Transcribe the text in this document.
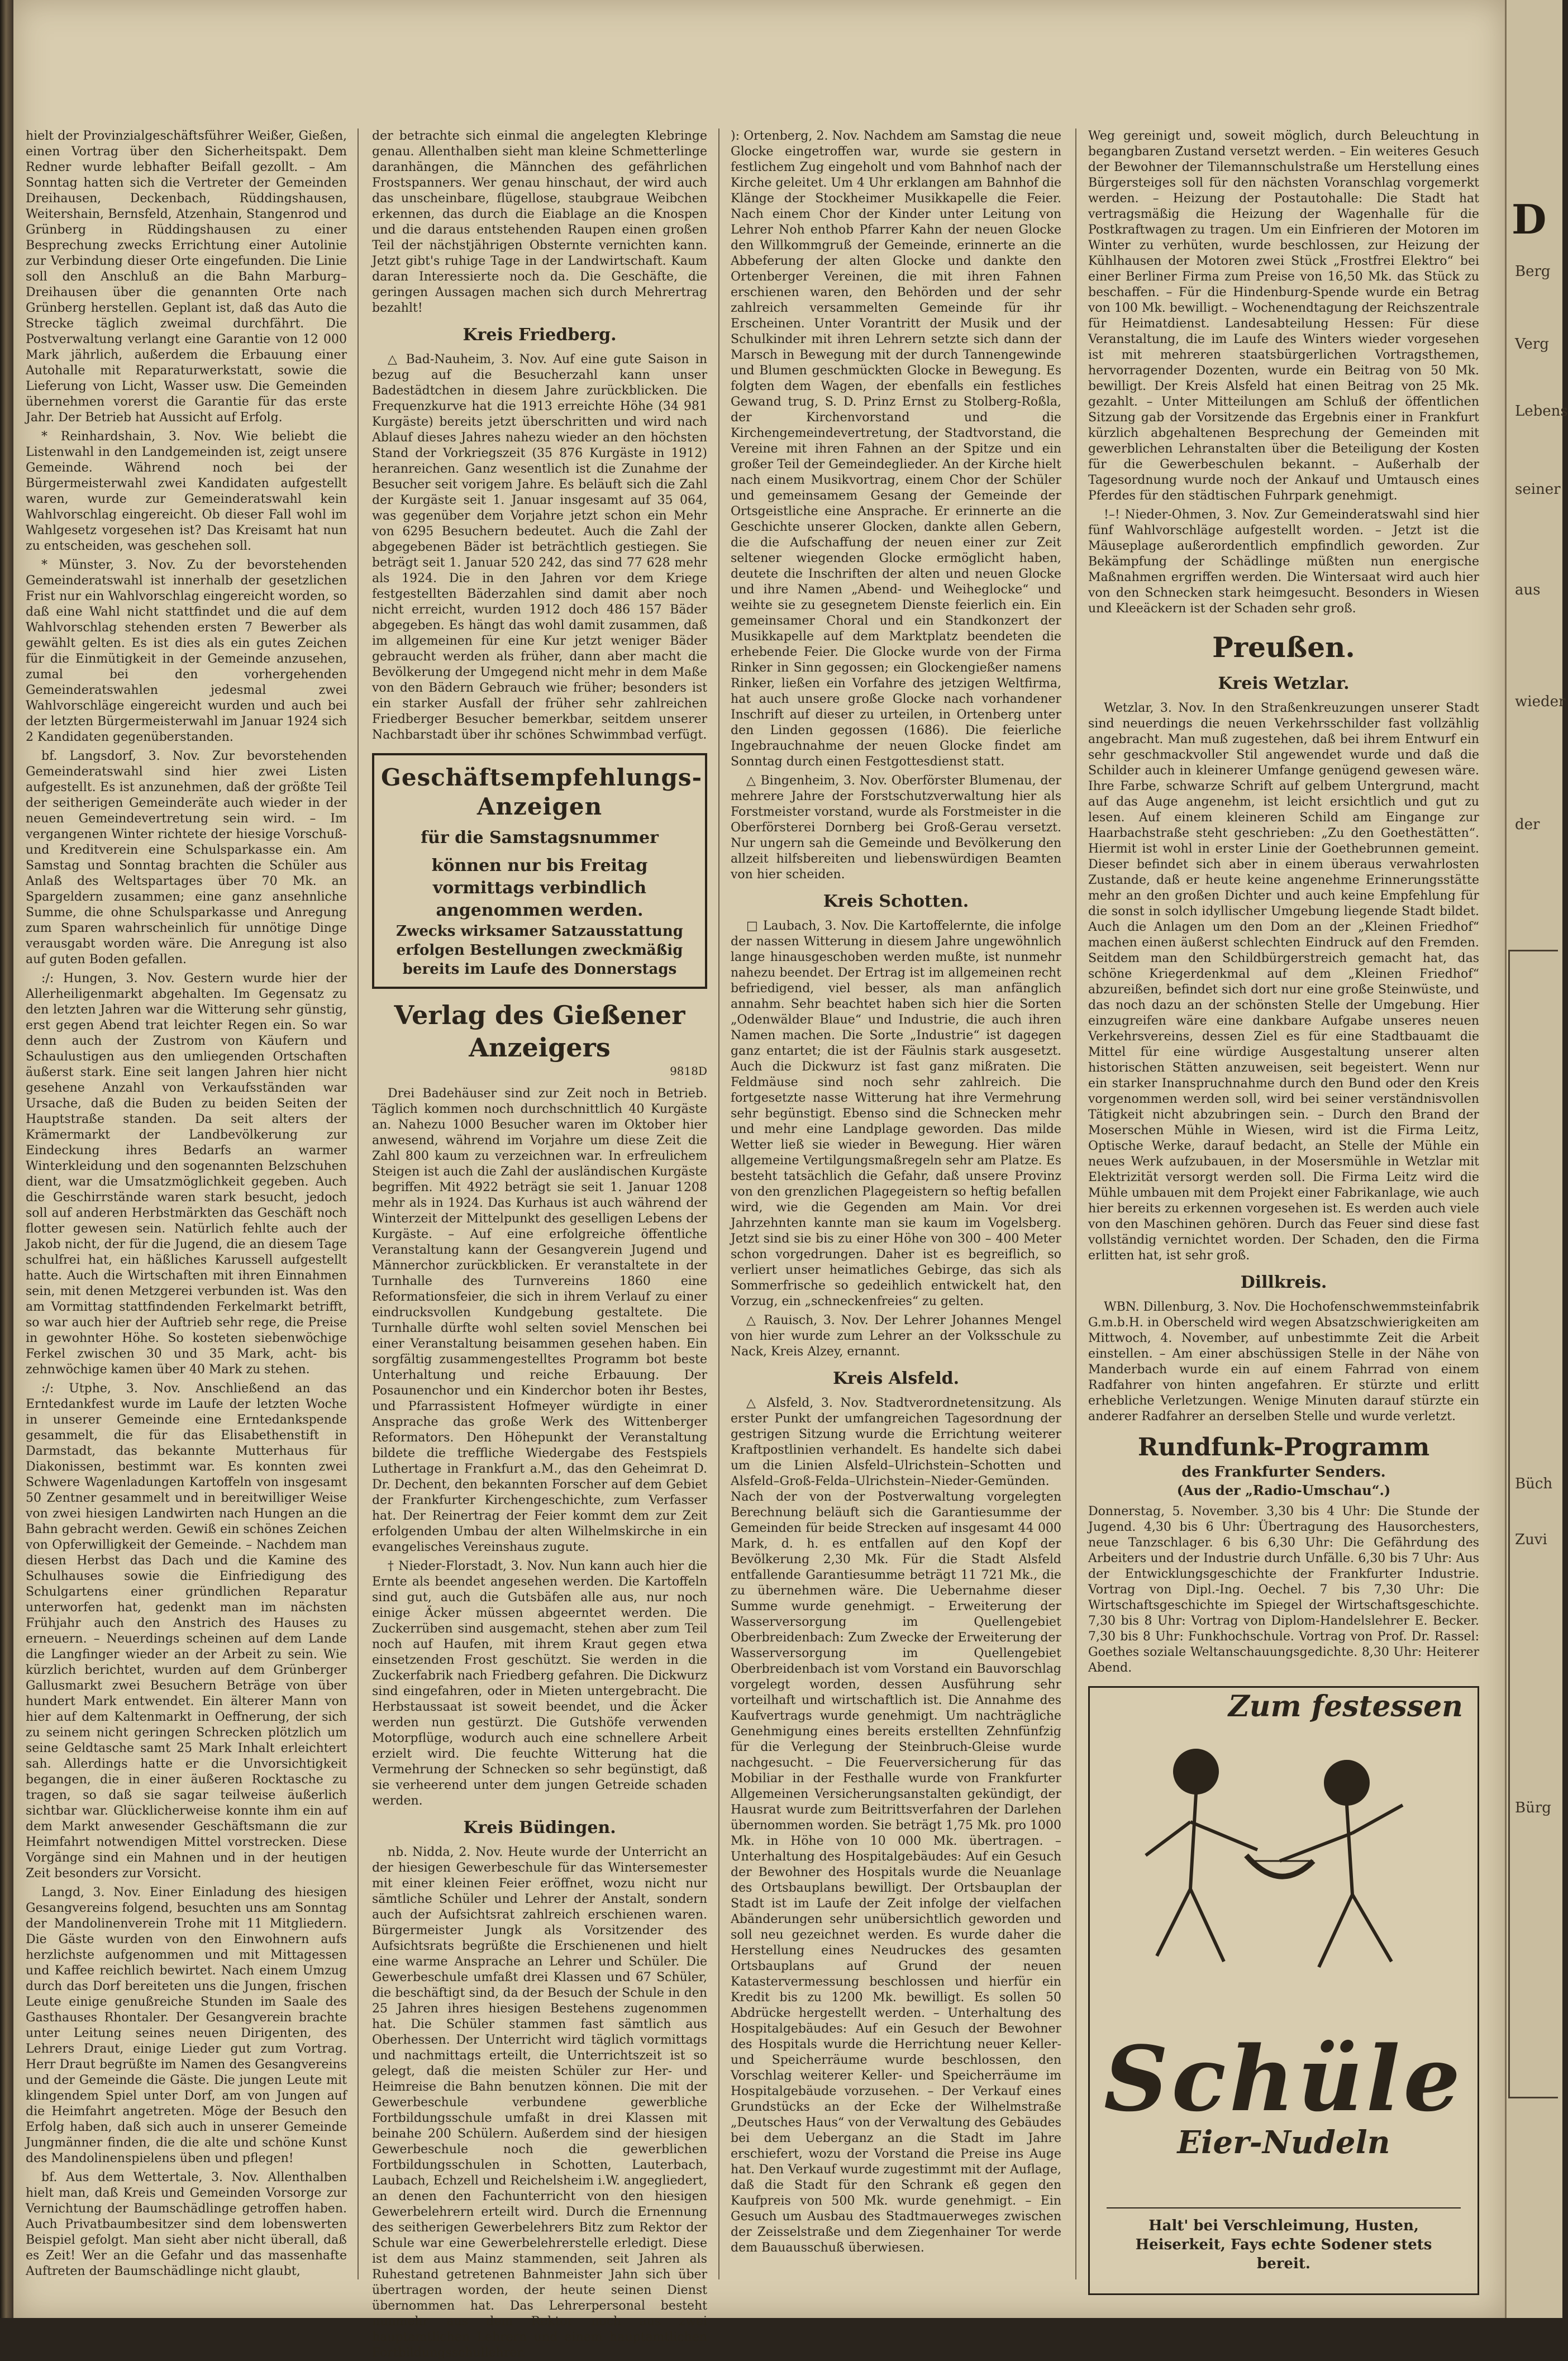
hielt der Provinzialgeschäftsführer Weißer, Gießen, einen Vortrag über den Sicherheitspakt. Dem Redner wurde lebhafter Beifall gezollt. – Am Sonntag hatten sich die Vertreter der Gemeinden Dreihausen, Deckenbach, Rüddingshausen, Weitershain, Bernsfeld, Atzenhain, Stangenrod und Grünberg in Rüddingshausen zu einer Besprechung zwecks Errichtung einer Autolinie zur Verbindung dieser Orte eingefunden. Die Linie soll den Anschluß an die Bahn Marburg–Dreihausen über die genannten Orte nach Grünberg herstellen. Geplant ist, daß das Auto die Strecke täglich zweimal durchfährt. Die Postverwaltung verlangt eine Garantie von 12 000 Mark jährlich, außerdem die Erbauung einer Autohalle mit Reparaturwerkstatt, sowie die Lieferung von Licht, Wasser usw. Die Gemeinden übernehmen vorerst die Garantie für das erste Jahr. Der Betrieb hat Aussicht auf Erfolg.

* Reinhardshain, 3. Nov. Wie beliebt die Listenwahl in den Landgemeinden ist, zeigt unsere Gemeinde. Während noch bei der Bürgermeisterwahl zwei Kandidaten aufgestellt waren, wurde zur Gemeinderatswahl kein Wahlvorschlag eingereicht. Ob dieser Fall wohl im Wahlgesetz vorgesehen ist? Das Kreisamt hat nun zu entscheiden, was geschehen soll.

* Münster, 3. Nov. Zu der bevorstehenden Gemeinderatswahl ist innerhalb der gesetzlichen Frist nur ein Wahlvorschlag eingereicht worden, so daß eine Wahl nicht stattfindet und die auf dem Wahlvorschlag stehenden ersten 7 Bewerber als gewählt gelten. Es ist dies als ein gutes Zeichen für die Einmütigkeit in der Gemeinde anzusehen, zumal bei den vorhergehenden Gemeinderatswahlen jedesmal zwei Wahlvorschläge eingereicht wurden und auch bei der letzten Bürgermeisterwahl im Januar 1924 sich 2 Kandidaten gegenüberstanden.

bf. Langsdorf, 3. Nov. Zur bevorstehenden Gemeinderatswahl sind hier zwei Listen aufgestellt. Es ist anzunehmen, daß der größte Teil der seitherigen Gemeinderäte auch wieder in der neuen Gemeindevertretung sein wird. – Im vergangenen Winter richtete der hiesige Vorschuß- und Kreditverein eine Schulsparkasse ein. Am Samstag und Sonntag brachten die Schüler aus Anlaß des Weltspartages über 70 Mk. an Spargeldern zusammen; eine ganz ansehnliche Summe, die ohne Schulsparkasse und Anregung zum Sparen wahrscheinlich für unnötige Dinge verausgabt worden wäre. Die Anregung ist also auf guten Boden gefallen.

:/: Hungen, 3. Nov. Gestern wurde hier der Allerheiligenmarkt abgehalten. Im Gegensatz zu den letzten Jahren war die Witterung sehr günstig, erst gegen Abend trat leichter Regen ein. So war denn auch der Zustrom von Käufern und Schaulustigen aus den umliegenden Ortschaften äußerst stark. Eine seit langen Jahren hier nicht gesehene Anzahl von Verkaufsständen war Ursache, daß die Buden zu beiden Seiten der Hauptstraße standen. Da seit alters der Krämermarkt der Landbevölkerung zur Eindeckung ihres Bedarfs an warmer Winterkleidung und den sogenannten Belzschuhen dient, war die Umsatzmöglichkeit gegeben. Auch die Geschirrstände waren stark besucht, jedoch soll auf anderen Herbstmärkten das Geschäft noch flotter gewesen sein. Natürlich fehlte auch der Jakob nicht, der für die Jugend, die an diesem Tage schulfrei hat, ein häßliches Karussell aufgestellt hatte. Auch die Wirtschaften mit ihren Einnahmen sein, mit denen Metzgerei verbunden ist. Was den am Vormittag stattfindenden Ferkelmarkt betrifft, so war auch hier der Auftrieb sehr rege, die Preise in gewohnter Höhe. So kosteten siebenwöchige Ferkel zwischen 30 und 35 Mark, acht- bis zehnwöchige kamen über 40 Mark zu stehen.

:/: Utphe, 3. Nov. Anschließend an das Erntedankfest wurde im Laufe der letzten Woche in unserer Gemeinde eine Erntedankspende gesammelt, die für das Elisabethenstift in Darmstadt, das bekannte Mutterhaus für Diakonissen, bestimmt war. Es konnten zwei Schwere Wagenladungen Kartoffeln von insgesamt 50 Zentner gesammelt und in bereitwilliger Weise von zwei hiesigen Landwirten nach Hungen an die Bahn gebracht werden. Gewiß ein schönes Zeichen von Opferwilligkeit der Gemeinde. – Nachdem man diesen Herbst das Dach und die Kamine des Schulhauses sowie die Einfriedigung des Schulgartens einer gründlichen Reparatur unterworfen hat, gedenkt man im nächsten Frühjahr auch den Anstrich des Hauses zu erneuern. – Neuerdings scheinen auf dem Lande die Langfinger wieder an der Arbeit zu sein. Wie kürzlich berichtet, wurden auf dem Grünberger Gallusmarkt zwei Besuchern Beträge von über hundert Mark entwendet. Ein älterer Mann von hier auf dem Kaltenmarkt in Oeffnerung, der sich zu seinem nicht geringen Schrecken plötzlich um seine Geldtasche samt 25 Mark Inhalt erleichtert sah. Allerdings hatte er die Unvorsichtigkeit begangen, die in einer äußeren Rocktasche zu tragen, so daß sie sagar teilweise äußerlich sichtbar war. Glücklicherweise konnte ihm ein auf dem Markt anwesender Geschäftsmann die zur Heimfahrt notwendigen Mittel vorstrecken. Diese Vorgänge sind ein Mahnen und in der heutigen Zeit besonders zur Vorsicht.

Langd, 3. Nov. Einer Einladung des hiesigen Gesangvereins folgend, besuchten uns am Sonntag der Mandolinenverein Trohe mit 11 Mitgliedern. Die Gäste wurden von den Einwohnern aufs herzlichste aufgenommen und mit Mittagessen und Kaffee reichlich bewirtet. Nach einem Umzug durch das Dorf bereiteten uns die Jungen, frischen Leute einige genußreiche Stunden im Saale des Gasthauses Rhontaler. Der Gesangverein brachte unter Leitung seines neuen Dirigenten, des Lehrers Draut, einige Lieder gut zum Vortrag. Herr Draut begrüßte im Namen des Gesangvereins und der Gemeinde die Gäste. Die jungen Leute mit klingendem Spiel unter Dorf, am von Jungen auf die Heimfahrt angetreten. Möge der Besuch den Erfolg haben, daß sich auch in unserer Gemeinde Jungmänner finden, die die alte und schöne Kunst des Mandolinenspielens üben und pflegen!

bf. Aus dem Wettertale, 3. Nov. Allenthalben hielt man, daß Kreis und Gemeinden Vorsorge zur Vernichtung der Baumschädlinge getroffen haben. Auch Privatbaumbesitzer sind dem lobenswerten Beispiel gefolgt. Man sieht aber nicht überall, daß es Zeit! Wer an die Gefahr und das massenhafte Auftreten der Baumschädlinge nicht glaubt,

der betrachte sich einmal die angelegten Klebringe genau. Allenthalben sieht man kleine Schmetterlinge daranhängen, die Männchen des gefährlichen Frostspanners. Wer genau hinschaut, der wird auch das unscheinbare, flügellose, staubgraue Weibchen erkennen, das durch die Eiablage an die Knospen und die daraus entstehenden Raupen einen großen Teil der nächstjährigen Obsternte vernichten kann. Jetzt gibt's ruhige Tage in der Landwirtschaft. Kaum daran Interessierte noch da. Die Geschäfte, die geringen Aussagen machen sich durch Mehrertrag bezahlt!

Kreis Friedberg.

△ Bad-Nauheim, 3. Nov. Auf eine gute Saison in bezug auf die Besucherzahl kann unser Badestädtchen in diesem Jahre zurückblicken. Die Frequenzkurve hat die 1913 erreichte Höhe (34 981 Kurgäste) bereits jetzt überschritten und wird nach Ablauf dieses Jahres nahezu wieder an den höchsten Stand der Vorkriegszeit (35 876 Kurgäste in 1912) heranreichen. Ganz wesentlich ist die Zunahme der Besucher seit vorigem Jahre. Es beläuft sich die Zahl der Kurgäste seit 1. Januar insgesamt auf 35 064, was gegenüber dem Vorjahre jetzt schon ein Mehr von 6295 Besuchern bedeutet. Auch die Zahl der abgegebenen Bäder ist beträchtlich gestiegen. Sie beträgt seit 1. Januar 520 242, das sind 77 628 mehr als 1924. Die in den Jahren vor dem Kriege festgestellten Bäderzahlen sind damit aber noch nicht erreicht, wurden 1912 doch 486 157 Bäder abgegeben. Es hängt das wohl damit zusammen, daß im allgemeinen für eine Kur jetzt weniger Bäder gebraucht werden als früher, dann aber macht die Bevölkerung der Umgegend nicht mehr in dem Maße von den Bädern Gebrauch wie früher; besonders ist ein starker Ausfall der früher sehr zahlreichen Friedberger Besucher bemerkbar, seitdem unserer Nachbarstadt über ihr schönes Schwimmbad verfügt.

Geschäftsempfehlungs-Anzeigen
für die Samstagsnummer
können nur bis Freitag vormittags verbindlich angenommen werden.
Zwecks wirksamer Satzausstattung erfolgen Bestellungen zweckmäßig bereits im Laufe des Donnerstags
Verlag des Gießener Anzeigers
9818D

Drei Badehäuser sind zur Zeit noch in Betrieb. Täglich kommen noch durchschnittlich 40 Kurgäste an. Nahezu 1000 Besucher waren im Oktober hier anwesend, während im Vorjahre um diese Zeit die Zahl 800 kaum zu verzeichnen war. In erfreulichem Steigen ist auch die Zahl der ausländischen Kurgäste begriffen. Mit 4922 beträgt sie seit 1. Januar 1208 mehr als in 1924. Das Kurhaus ist auch während der Winterzeit der Mittelpunkt des geselligen Lebens der Kurgäste. – Auf eine erfolgreiche öffentliche Veranstaltung kann der Gesangverein Jugend und Männerchor zurückblicken. Er veranstaltete in der Turnhalle des Turnvereins 1860 eine Reformationsfeier, die sich in ihrem Verlauf zu einer eindrucksvollen Kundgebung gestaltete. Die Turnhalle dürfte wohl selten soviel Menschen bei einer Veranstaltung beisammen gesehen haben. Ein sorgfältig zusammengestelltes Programm bot beste Unterhaltung und reiche Erbauung. Der Posaunenchor und ein Kinderchor boten ihr Bestes, und Pfarrassistent Hofmeyer würdigte in einer Ansprache das große Werk des Wittenberger Reformators. Den Höhepunkt der Veranstaltung bildete die treffliche Wiedergabe des Festspiels Luthertage in Frankfurt a.M., das den Geheimrat D. Dr. Dechent, den bekannten Forscher auf dem Gebiet der Frankfurter Kirchengeschichte, zum Verfasser hat. Der Reinertrag der Feier kommt dem zur Zeit erfolgenden Umbau der alten Wilhelmskirche in ein evangelisches Vereinshaus zugute.

† Nieder-Florstadt, 3. Nov. Nun kann auch hier die Ernte als beendet angesehen werden. Die Kartoffeln sind gut, auch die Gutsbäfen alle aus, nur noch einige Äcker müssen abgeerntet werden. Die Zuckerrüben sind ausgemacht, stehen aber zum Teil noch auf Haufen, mit ihrem Kraut gegen etwa einsetzenden Frost geschützt. Sie werden in die Zuckerfabrik nach Friedberg gefahren. Die Dickwurz sind eingefahren, oder in Mieten untergebracht. Die Herbstaussaat ist soweit beendet, und die Äcker werden nun gestürzt. Die Gutshöfe verwenden Motorpflüge, wodurch auch eine schnellere Arbeit erzielt wird. Die feuchte Witterung hat die Vermehrung der Schnecken so sehr begünstigt, daß sie verheerend unter dem jungen Getreide schaden werden.

Kreis Büdingen.

nb. Nidda, 2. Nov. Heute wurde der Unterricht an der hiesigen Gewerbeschule für das Wintersemester mit einer kleinen Feier eröffnet, wozu nicht nur sämtliche Schüler und Lehrer der Anstalt, sondern auch der Aufsichtsrat zahlreich erschienen waren. Bürgermeister Jungk als Vorsitzender des Aufsichtsrats begrüßte die Erschienenen und hielt eine warme Ansprache an Lehrer und Schüler. Die Gewerbeschule umfaßt drei Klassen und 67 Schüler, die beschäftigt sind, da der Besuch der Schule in den 25 Jahren ihres hiesigen Bestehens zugenommen hat. Die Schüler stammen fast sämtlich aus Oberhessen. Der Unterricht wird täglich vormittags und nachmittags erteilt, die Unterrichtszeit ist so gelegt, daß die meisten Schüler zur Her- und Heimreise die Bahn benutzen können. Die mit der Gewerbeschule verbundene gewerbliche Fortbildungsschule umfaßt in drei Klassen mit beinahe 200 Schülern. Außerdem sind der hiesigen Gewerbeschule noch die gewerblichen Fortbildungsschulen in Schotten, Lauterbach, Laubach, Echzell und Reichelsheim i.W. angegliedert, an denen den Fachunterricht von den hiesigen Gewerbelehrern erteilt wird. Durch die Ernennung des seitherigen Gewerbelehrers Bitz zum Rektor der Schule war eine Gewerbelehrerstelle erledigt. Diese ist dem aus Mainz stammenden, seit Jahren als Ruhestand getretenen Bahnmeister Jahn sich über übertragen worden, der heute seinen Dienst übernommen hat. Das Lehrerpersonal besteht nunmehr aus dem Rektor noch aus zwei hauptamtlichen Lehrern und einem hauptamtlichen Fortbildungsschullehrer.

): Ortenberg, 2. Nov. Nachdem am Samstag die neue Glocke eingetroffen war, wurde sie gestern in festlichem Zug eingeholt und vom Bahnhof nach der Kirche geleitet. Um 4 Uhr erklangen am Bahnhof die Klänge der Stockheimer Musikkapelle die Feier. Nach einem Chor der Kinder unter Leitung von Lehrer Noh enthob Pfarrer Kahn der neuen Glocke den Willkommgruß der Gemeinde, erinnerte an die Abbeferung der alten Glocke und dankte den Ortenberger Vereinen, die mit ihren Fahnen erschienen waren, den Behörden und der sehr zahlreich versammelten Gemeinde für ihr Erscheinen. Unter Vorantritt der Musik und der Schulkinder mit ihren Lehrern setzte sich dann der Marsch in Bewegung mit der durch Tannengewinde und Blumen geschmückten Glocke in Bewegung. Es folgten dem Wagen, der ebenfalls ein festliches Gewand trug, S. D. Prinz Ernst zu Stolberg-Roßla, der Kirchenvorstand und die Kirchengemeindevertretung, der Stadtvorstand, die Vereine mit ihren Fahnen an der Spitze und ein großer Teil der Gemeindeglieder. An der Kirche hielt nach einem Musikvortrag, einem Chor der Schüler und gemeinsamem Gesang der Gemeinde der Ortsgeistliche eine Ansprache. Er erinnerte an die Geschichte unserer Glocken, dankte allen Gebern, die die Aufschaffung der neuen einer zur Zeit seltener wiegenden Glocke ermöglicht haben, deutete die Inschriften der alten und neuen Glocke und ihre Namen „Abend- und Weiheglocke“ und weihte sie zu gesegnetem Dienste feierlich ein. Ein gemeinsamer Choral und ein Standkonzert der Musikkapelle auf dem Marktplatz beendeten die erhebende Feier. Die Glocke wurde von der Firma Rinker in Sinn gegossen; ein Glockengießer namens Rinker, ließen ein Vorfahre des jetzigen Weltfirma, hat auch unsere große Glocke nach vorhandener Inschrift auf dieser zu urteilen, in Ortenberg unter den Linden gegossen (1686). Die feierliche Ingebrauchnahme der neuen Glocke findet am Sonntag durch einen Festgottesdienst statt.

△ Bingenheim, 3. Nov. Oberförster Blumenau, der mehrere Jahre der Forstschutzverwaltung hier als Forstmeister vorstand, wurde als Forstmeister in die Oberförsterei Dornberg bei Groß-Gerau versetzt. Nur ungern sah die Gemeinde und Bevölkerung den allzeit hilfsbereiten und liebenswürdigen Beamten von hier scheiden.

Kreis Schotten.

□ Laubach, 3. Nov. Die Kartoffelernte, die infolge der nassen Witterung in diesem Jahre ungewöhnlich lange hinausgeschoben werden mußte, ist nunmehr nahezu beendet. Der Ertrag ist im allgemeinen recht befriedigend, viel besser, als man anfänglich annahm. Sehr beachtet haben sich hier die Sorten „Odenwälder Blaue“ und Industrie, die auch ihren Namen machen. Die Sorte „Industrie“ ist dagegen ganz entartet; die ist der Fäulnis stark ausgesetzt. Auch die Dickwurz ist fast ganz mißraten. Die Feldmäuse sind noch sehr zahlreich. Die fortgesetzte nasse Witterung hat ihre Vermehrung sehr begünstigt. Ebenso sind die Schnecken mehr und mehr eine Landplage geworden. Das milde Wetter ließ sie wieder in Bewegung. Hier wären allgemeine Vertilgungsmaßregeln sehr am Platze. Es besteht tatsächlich die Gefahr, daß unsere Provinz von den grenzlichen Plagegeistern so heftig befallen wird, wie die Gegenden am Main. Vor drei Jahrzehnten kannte man sie kaum im Vogelsberg. Jetzt sind sie bis zu einer Höhe von 300 – 400 Meter schon vorgedrungen. Daher ist es begreiflich, so verliert unser heimatliches Gebirge, das sich als Sommerfrische so gedeihlich entwickelt hat, den Vorzug, ein „schneckenfreies“ zu gelten.

△ Rauisch, 3. Nov. Der Lehrer Johannes Mengel von hier wurde zum Lehrer an der Volksschule zu Nack, Kreis Alzey, ernannt.

Kreis Alsfeld.

△ Alsfeld, 3. Nov. Stadtverordnetensitzung. Als erster Punkt der umfangreichen Tagesordnung der gestrigen Sitzung wurde die Errichtung weiterer Kraftpostlinien verhandelt. Es handelte sich dabei um die Linien Alsfeld–Ulrichstein–Schotten und Alsfeld–Groß-Felda–Ulrichstein–Nieder-Gemünden. Nach der von der Postverwaltung vorgelegten Berechnung beläuft sich die Garantiesumme der Gemeinden für beide Strecken auf insgesamt 44 000 Mark, d. h. es entfallen auf den Kopf der Bevölkerung 2,30 Mk. Für die Stadt Alsfeld entfallende Garantiesumme beträgt 11 721 Mk., die zu übernehmen wäre. Die Uebernahme dieser Summe wurde genehmigt. – Erweiterung der Wasserversorgung im Quellengebiet Oberbreidenbach: Zum Zwecke der Erweiterung der Wasserversorgung im Quellengebiet Oberbreidenbach ist vom Vorstand ein Bauvorschlag vorgelegt worden, dessen Ausführung sehr vorteilhaft und wirtschaftlich ist. Die Annahme des Kaufvertrags wurde genehmigt. Um nachträgliche Genehmigung eines bereits erstellten Zehnfünfzig für die Verlegung der Steinbruch-Gleise wurde nachgesucht. – Die Feuerversicherung für das Mobiliar in der Festhalle wurde von Frankfurter Allgemeinen Versicherungsanstalten gekündigt, der Hausrat wurde zum Beitrittsverfahren der Darlehen übernommen worden. Sie beträgt 1,75 Mk. pro 1000 Mk. in Höhe von 10 000 Mk. übertragen. – Unterhaltung des Hospitalgebäudes: Auf ein Gesuch der Bewohner des Hospitals wurde die Neuanlage des Ortsbauplans bewilligt. Der Ortsbauplan der Stadt ist im Laufe der Zeit infolge der vielfachen Abänderungen sehr unübersichtlich geworden und soll neu gezeichnet werden. Es wurde daher die Herstellung eines Neudruckes des gesamten Ortsbauplans auf Grund der neuen Katastervermessung beschlossen und hierfür ein Kredit bis zu 1200 Mk. bewilligt. Es sollen 50 Abdrücke hergestellt werden. – Unterhaltung des Hospitalgebäudes: Auf ein Gesuch der Bewohner des Hospitals wurde die Herrichtung neuer Keller- und Speicherräume wurde beschlossen, den Vorschlag weiterer Keller- und Speicherräume im Hospitalgebäude vorzusehen. – Der Verkauf eines Grundstücks an der Ecke der Wilhelmstraße „Deutsches Haus“ von der Verwaltung des Gebäudes bei dem Ueberganz an die Stadt im Jahre erschiefert, wozu der Vorstand die Preise ins Auge hat. Den Verkauf wurde zugestimmt mit der Auflage, daß die Stadt für den Schrank eß gegen den Kaufpreis von 500 Mk. wurde genehmigt. – Ein Gesuch um Ausbau des Stadtmauerweges zwischen der Zeisselstraße und dem Ziegenhainer Tor werde dem Bauausschuß überwiesen.

Weg gereinigt und, soweit möglich, durch Beleuchtung in begangbaren Zustand versetzt werden. – Ein weiteres Gesuch der Bewohner der Tilemannschulstraße um Herstellung eines Bürgersteiges soll für den nächsten Voranschlag vorgemerkt werden. – Heizung der Postautohalle: Die Stadt hat vertragsmäßig die Heizung der Wagenhalle für die Postkraftwagen zu tragen. Um ein Einfrieren der Motoren im Winter zu verhüten, wurde beschlossen, zur Heizung der Kühlhausen der Motoren zwei Stück „Frostfrei Elektro“ bei einer Berliner Firma zum Preise von 16,50 Mk. das Stück zu beschaffen. – Für die Hindenburg-Spende wurde ein Betrag von 100 Mk. bewilligt. – Wochenendtagung der Reichszentrale für Heimatdienst. Landesabteilung Hessen: Für diese Veranstaltung, die im Laufe des Winters wieder vorgesehen ist mit mehreren staatsbürgerlichen Vortragsthemen, hervorragender Dozenten, wurde ein Beitrag von 50 Mk. bewilligt. Der Kreis Alsfeld hat einen Beitrag von 25 Mk. gezahlt. – Unter Mitteilungen am Schluß der öffentlichen Sitzung gab der Vorsitzende das Ergebnis einer in Frankfurt kürzlich abgehaltenen Besprechung der Gemeinden mit gewerblichen Lehranstalten über die Beteiligung der Kosten für die Gewerbeschulen bekannt. – Außerhalb der Tagesordnung wurde noch der Ankauf und Umtausch eines Pferdes für den städtischen Fuhrpark genehmigt.

!–! Nieder-Ohmen, 3. Nov. Zur Gemeinderatswahl sind hier fünf Wahlvorschläge aufgestellt worden. – Jetzt ist die Mäuseplage außerordentlich empfindlich geworden. Zur Bekämpfung der Schädlinge müßten nun energische Maßnahmen ergriffen werden. Die Wintersaat wird auch hier von den Schnecken stark heimgesucht. Besonders in Wiesen und Kleeäckern ist der Schaden sehr groß.

Preußen.
Kreis Wetzlar.

Wetzlar, 3. Nov. In den Straßenkreuzungen unserer Stadt sind neuerdings die neuen Verkehrsschilder fast vollzählig angebracht. Man muß zugestehen, daß bei ihrem Entwurf ein sehr geschmackvoller Stil angewendet wurde und daß die Schilder auch in kleinerer Umfange genügend gewesen wäre. Ihre Farbe, schwarze Schrift auf gelbem Untergrund, macht auf das Auge angenehm, ist leicht ersichtlich und gut zu lesen. Auf einem kleineren Schild am Eingange zur Haarbachstraße steht geschrieben: „Zu den Goethestätten“. Hiermit ist wohl in erster Linie der Goethebrunnen gemeint. Dieser befindet sich aber in einem überaus verwahrlosten Zustande, daß er heute keine angenehme Erinnerungsstätte mehr an den großen Dichter und auch keine Empfehlung für die sonst in solch idyllischer Umgebung liegende Stadt bildet. Auch die Anlagen um den Dom an der „Kleinen Friedhof“ machen einen äußerst schlechten Eindruck auf den Fremden. Seitdem man den Schildbürgerstreich gemacht hat, das schöne Kriegerdenkmal auf dem „Kleinen Friedhof“ abzureißen, befindet sich dort nur eine große Steinwüste, und das noch dazu an der schönsten Stelle der Umgebung. Hier einzugreifen wäre eine dankbare Aufgabe unseres neuen Verkehrsvereins, dessen Ziel es für eine Stadtbauamt die Mittel für eine würdige Ausgestaltung unserer alten historischen Stätten anzuweisen, seit begeistert. Wenn nur ein starker Inanspruchnahme durch den Bund oder den Kreis vorgenommen werden soll, wird bei seiner verständnisvollen Tätigkeit nicht abzubringen sein. – Durch den Brand der Moserschen Mühle in Wiesen, wird ist die Firma Leitz, Optische Werke, darauf bedacht, an Stelle der Mühle ein neues Werk aufzubauen, in der Mosersmühle in Wetzlar mit Elektrizität versorgt werden soll. Die Firma Leitz wird die Mühle umbauen mit dem Projekt einer Fabrikanlage, wie auch hier bereits zu erkennen vorgesehen ist. Es werden auch viele von den Maschinen gehören. Durch das Feuer sind diese fast vollständig vernichtet worden. Der Schaden, den die Firma erlitten hat, ist sehr groß.

Dillkreis.

WBN. Dillenburg, 3. Nov. Die Hochofenschwemmsteinfabrik G.m.b.H. in Oberscheld wird wegen Absatzschwierigkeiten am Mittwoch, 4. November, auf unbestimmte Zeit die Arbeit einstellen. – Am einer abschüssigen Stelle in der Nähe von Manderbach wurde ein auf einem Fahrrad von einem Radfahrer von hinten angefahren. Er stürzte und erlitt erhebliche Verletzungen. Wenige Minuten darauf stürzte ein anderer Radfahrer an derselben Stelle und wurde verletzt.

Rundfunk-Programm
des Frankfurter Senders.
(Aus der „Radio-Umschau“.)

Donnerstag, 5. November. 3,30 bis 4 Uhr: Die Stunde der Jugend. 4,30 bis 6 Uhr: Übertragung des Hausorchesters, neue Tanzschlager. 6 bis 6,30 Uhr: Die Gefährdung des Arbeiters und der Industrie durch Unfälle. 6,30 bis 7 Uhr: Aus der Entwicklungsgeschichte der Frankfurter Industrie. Vortrag von Dipl.-Ing. Oechel. 7 bis 7,30 Uhr: Die Wirtschaftsgeschichte im Spiegel der Wirtschaftsgeschichte. 7,30 bis 8 Uhr: Vortrag von Diplom-Handelslehrer E. Becker. 7,30 bis 8 Uhr: Funkhochschule. Vortrag von Prof. Dr. Rassel: Goethes soziale Weltanschauungsgedichte. 8,30 Uhr: Heiterer Abend.

Zum festessen
Schüle
Eier-Nudeln
Halt' bei Verschleimung, Husten, Heiserkeit, Fays echte Sodener stets bereit.
D
Berg
Verg
Lebens
seiner
aus
wieder
der
Büch
Zuvi
Bürg
